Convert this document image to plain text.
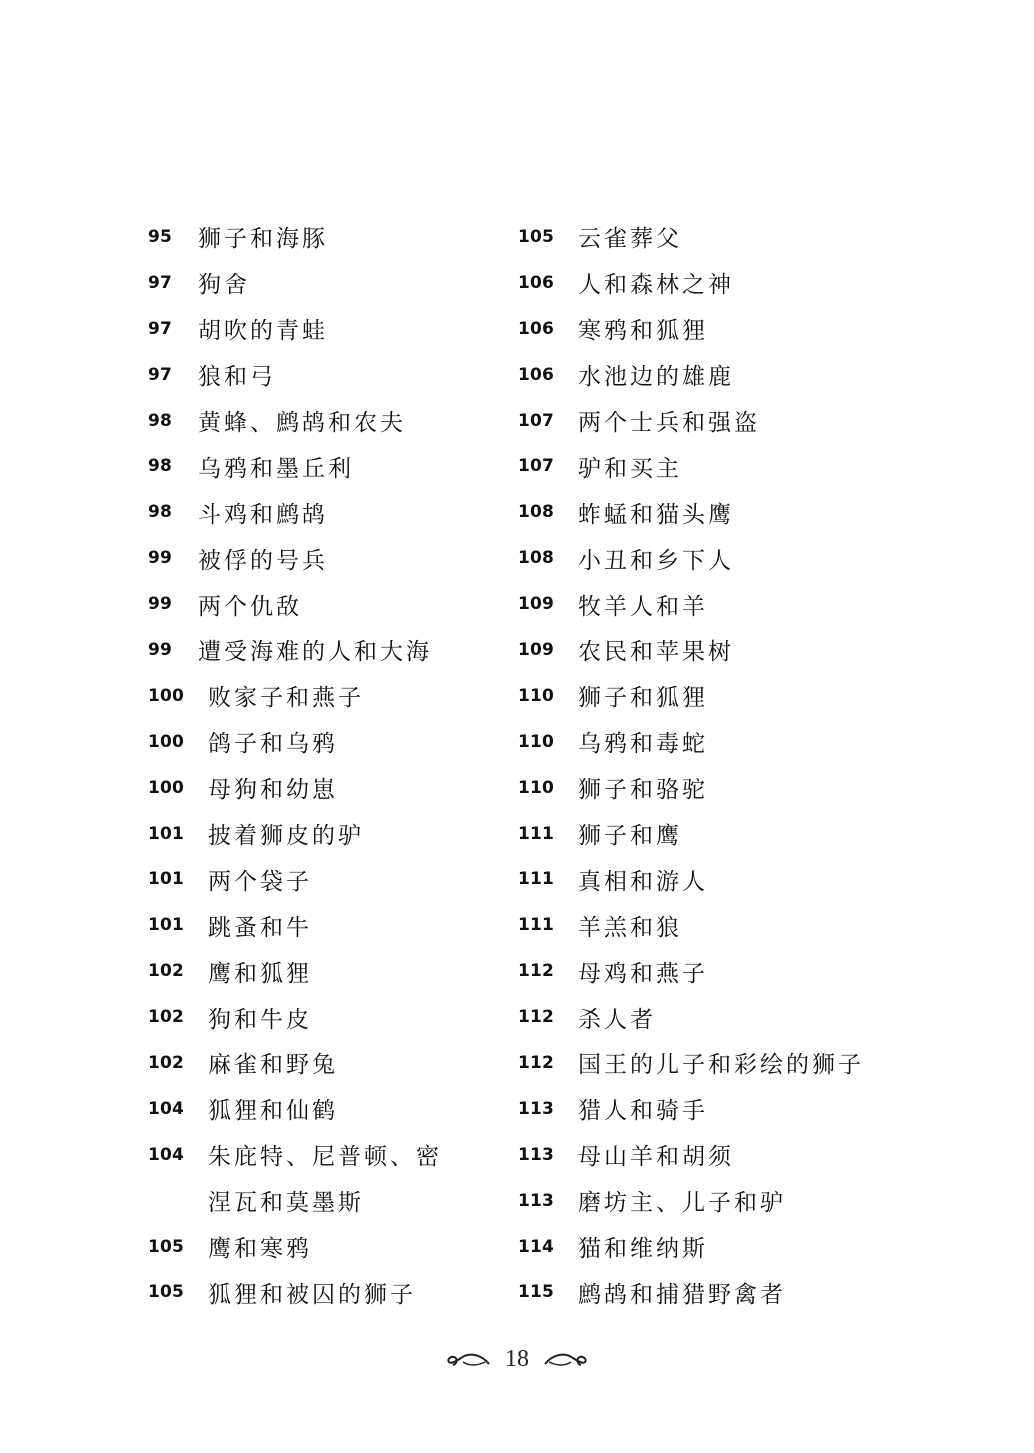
95	狮子和海豚
97	狗舍
97	胡吹的青蛙
97	狼和弓
98	黄蜂、鹧鸪和农夫
98	乌鸦和墨丘利
98	斗鸡和鹧鸪
99	被俘的号兵
99	两个仇敌
99	遭受海难的人和大海
100	败家子和燕子
100	鸽子和乌鸦
100	母狗和幼崽
101	披着狮皮的驴
101	两个袋子
101	跳蚤和牛
102	鹰和狐狸
102	狗和牛皮
102	麻雀和野兔
104	狐狸和仙鹤
104	朱庇特、尼普顿、密
涅瓦和莫墨斯
105	鹰和寒鸦
105	狐狸和被囚的狮子
105	云雀葬父
106	人和森林之神
106	寒鸦和狐狸
106	水池边的雄鹿
107	两个士兵和强盗
107	驴和买主
108	蚱蜢和猫头鹰
108	小丑和乡下人
109	牧羊人和羊
109	农民和苹果树
110	狮子和狐狸
110	乌鸦和毒蛇
110	狮子和骆驼
111	狮子和鹰
111	真相和游人
111	羊羔和狼
112	母鸡和燕子
112	杀人者
112	国王的儿子和彩绘的狮子
113	猎人和骑手
113	母山羊和胡须
113	磨坊主、儿子和驴
114	猫和维纳斯
115	鹧鸪和捕猎野禽者
18
